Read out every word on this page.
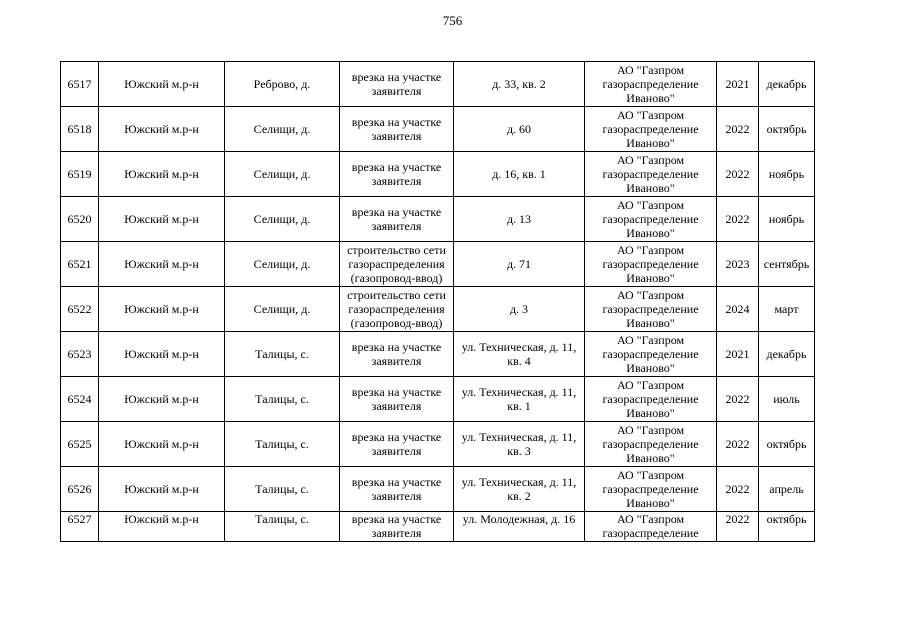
756
6517	Южский м.р-н	Реброво, д.	врезка на участке заявителя	д. 33, кв. 2	АО "Газпром газораспределение Иваново"	2021	декабрь
6518	Южский м.р-н	Селищи, д.	врезка на участке заявителя	д. 60	АО "Газпром газораспределение Иваново"	2022	октябрь
6519	Южский м.р-н	Селищи, д.	врезка на участке заявителя	д. 16, кв. 1	АО "Газпром газораспределение Иваново"	2022	ноябрь
6520	Южский м.р-н	Селищи, д.	врезка на участке заявителя	д. 13	АО "Газпром газораспределение Иваново"	2022	ноябрь
6521	Южский м.р-н	Селищи, д.	строительство сети газораспределения (газопровод-ввод)	д. 71	АО "Газпром газораспределение Иваново"	2023	сентябрь
6522	Южский м.р-н	Селищи, д.	строительство сети газораспределения (газопровод-ввод)	д. 3	АО "Газпром газораспределение Иваново"	2024	март
6523	Южский м.р-н	Талицы, с.	врезка на участке заявителя	ул. Техническая, д. 11, кв. 4	АО "Газпром газораспределение Иваново"	2021	декабрь
6524	Южский м.р-н	Талицы, с.	врезка на участке заявителя	ул. Техническая, д. 11, кв. 1	АО "Газпром газораспределение Иваново"	2022	июль
6525	Южский м.р-н	Талицы, с.	врезка на участке заявителя	ул. Техническая, д. 11, кв. 3	АО "Газпром газораспределение Иваново"	2022	октябрь
6526	Южский м.р-н	Талицы, с.	врезка на участке заявителя	ул. Техническая, д. 11, кв. 2	АО "Газпром газораспределение Иваново"	2022	апрель
6527	Южский м.р-н	Талицы, с.	врезка на участке заявителя	ул. Молодежная, д. 16	АО "Газпром газораспределение	2022	октябрь
